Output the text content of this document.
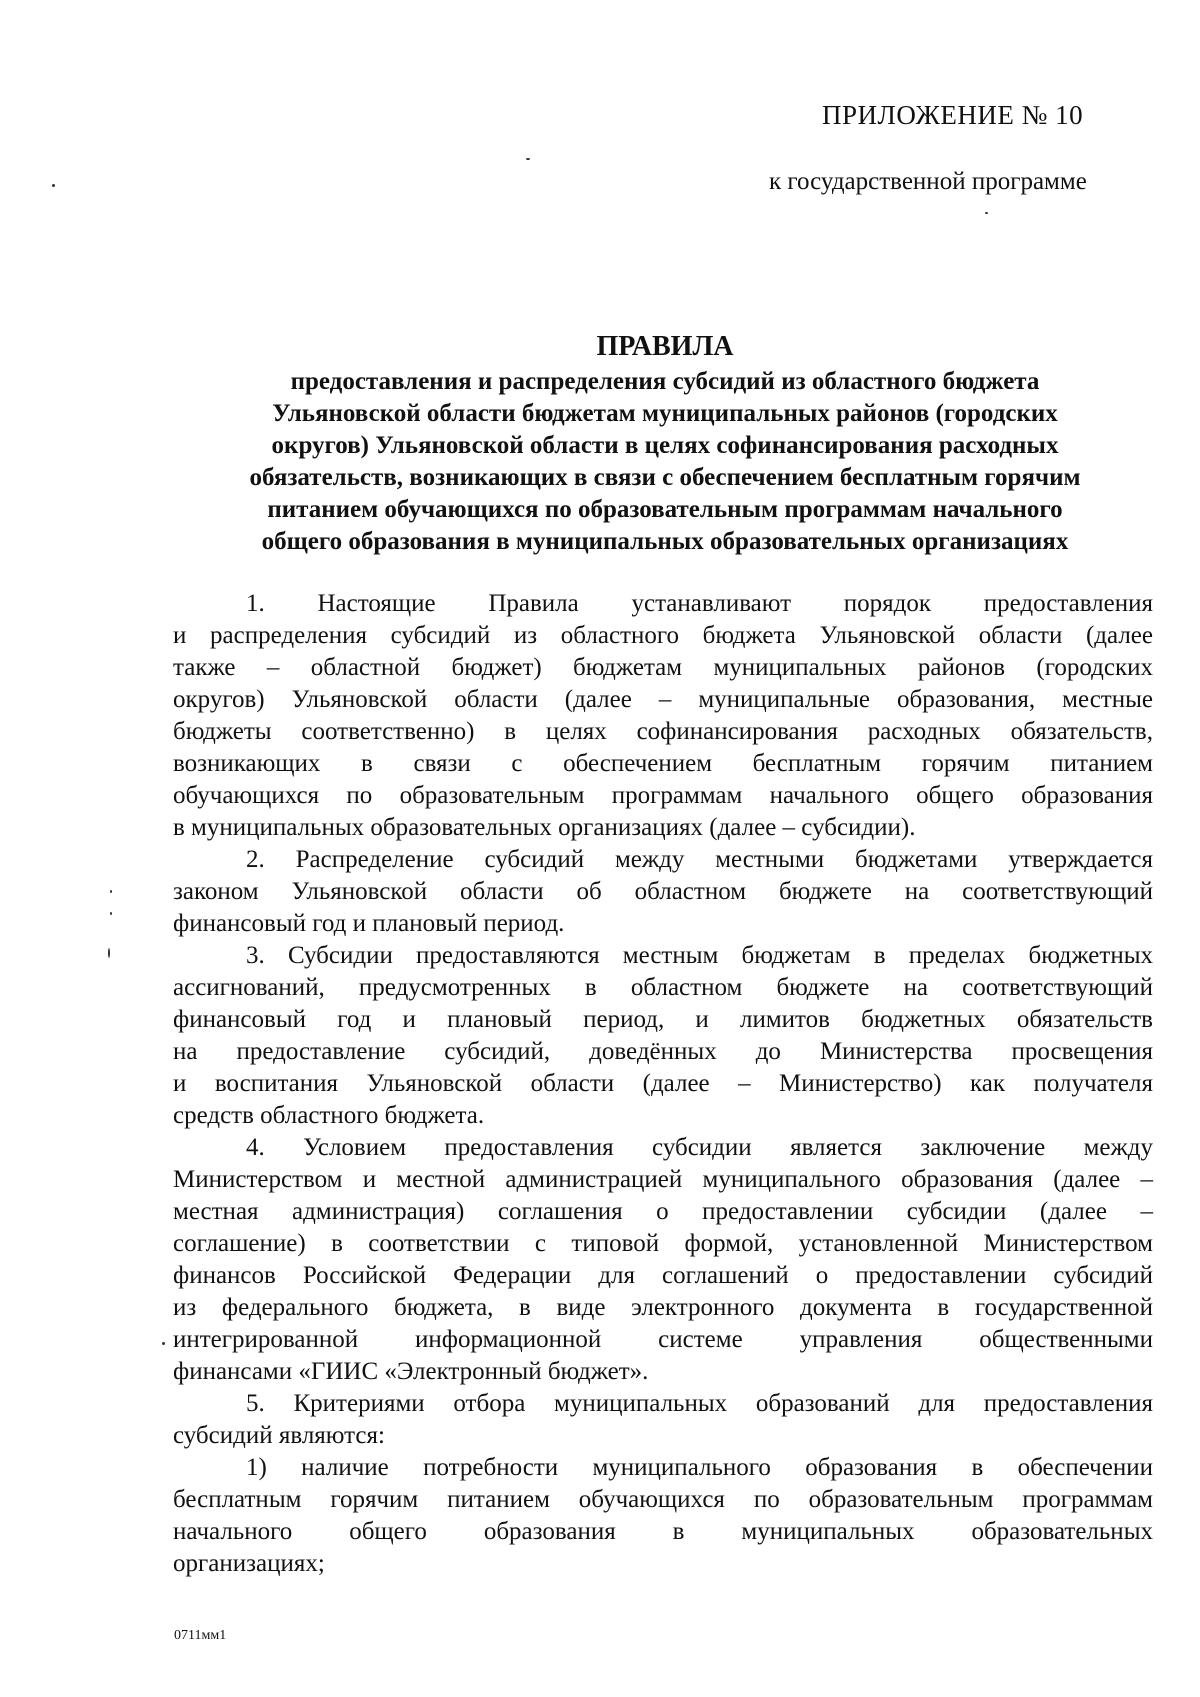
ПРИЛОЖЕНИЕ № 10
к государственной программе
ПРАВИЛА
предоставления и распределения субсидий из областного бюджета
Ульяновской области бюджетам муниципальных районов (городских
округов) Ульяновской области в целях софинансирования расходных
обязательств, возникающих в связи с обеспечением бесплатным горячим
питанием обучающихся по образовательным программам начального
общего образования в муниципальных образовательных организациях
1. Настоящие Правила устанавливают порядок предоставления
и распределения субсидий из областного бюджета Ульяновской области (далее
также – областной бюджет) бюджетам муниципальных районов (городских
округов) Ульяновской области (далее – муниципальные образования, местные
бюджеты соответственно) в целях софинансирования расходных обязательств,
возникающих в связи с обеспечением бесплатным горячим питанием
обучающихся по образовательным программам начального общего образования
в муниципальных образовательных организациях (далее – субсидии).
2. Распределение субсидий между местными бюджетами утверждается
законом Ульяновской области об областном бюджете на соответствующий
финансовый год и плановый период.
3. Субсидии предоставляются местным бюджетам в пределах бюджетных
ассигнований, предусмотренных в областном бюджете на соответствующий
финансовый год и плановый период, и лимитов бюджетных обязательств
на предоставление субсидий, доведённых до Министерства просвещения
и воспитания Ульяновской области (далее – Министерство) как получателя
средств областного бюджета.
4. Условием предоставления субсидии является заключение между
Министерством и местной администрацией муниципального образования (далее –
местная администрация) соглашения о предоставлении субсидии (далее –
соглашение) в соответствии с типовой формой, установленной Министерством
финансов Российской Федерации для соглашений о предоставлении субсидий
из федерального бюджета, в виде электронного документа в государственной
интегрированной информационной системе управления общественными
финансами «ГИИС «Электронный бюджет».
5. Критериями отбора муниципальных образований для предоставления
субсидий являются:
1) наличие потребности муниципального образования в обеспечении
бесплатным горячим питанием обучающихся по образовательным программам
начального общего образования в муниципальных образовательных
организациях;
0711мм1
